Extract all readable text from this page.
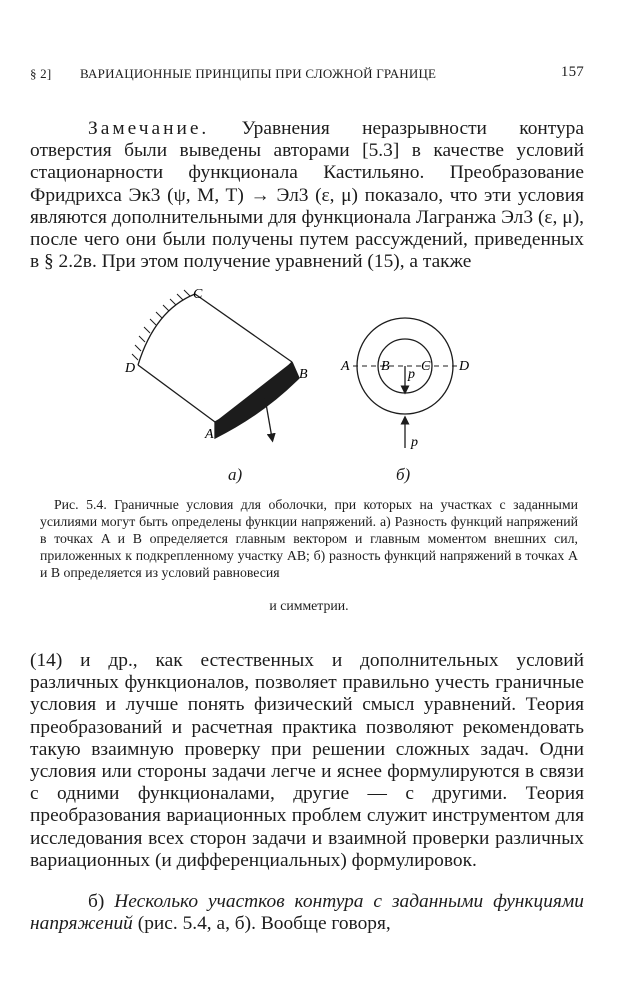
§ 2] ВАРИАЦИОННЫЕ ПРИНЦИПЫ ПРИ СЛОЖНОЙ ГРАНИЦЕ	157

Замечание. Уравнения неразрывности контура отверстия были выведены авторами [5.3] в качестве условий стационарности функционала Кастильяно. Преобразование Фридрихса Эк3 (ψ, M, T) → Эл3 (ε, μ) показало, что эти условия являются дополнительными для функционала Лагранжа Эл3 (ε, μ), после чего они были получены путем рассуждений, приведенных в § 2.2в. При этом получение уравнений (15), а также

C
D	B
A
A B C D
p
p
а)	б)
Рис. 5.4. Граничные условия для оболочки, при которых на участках с заданными усилиями могут быть определены функции напряжений. а) Разность функций напряжений в точках A и B определяется главным вектором и главным моментом внешних сил, приложенных к подкрепленному участку AB; б) разность функций напряжений в точках A и B определяется из условий равновесия
и симметрии.

(14) и др., как естественных и дополнительных условий различных функционалов, позволяет правильно учесть граничные условия и лучше понять физический смысл уравнений. Теория преобразований и расчетная практика позволяют рекомендовать такую взаимную проверку при решении сложных задач. Одни условия или стороны задачи легче и яснее формулируются в связи с одними функционалами, другие — с другими. Теория преобразования вариационных проблем служит инструментом для исследования всех сторон задачи и взаимной проверки различных вариационных (и дифференциальных) формулировок.

б) Несколько участков контура с заданными функциями напряжений (рис. 5.4, а, б). Вообще говоря,
